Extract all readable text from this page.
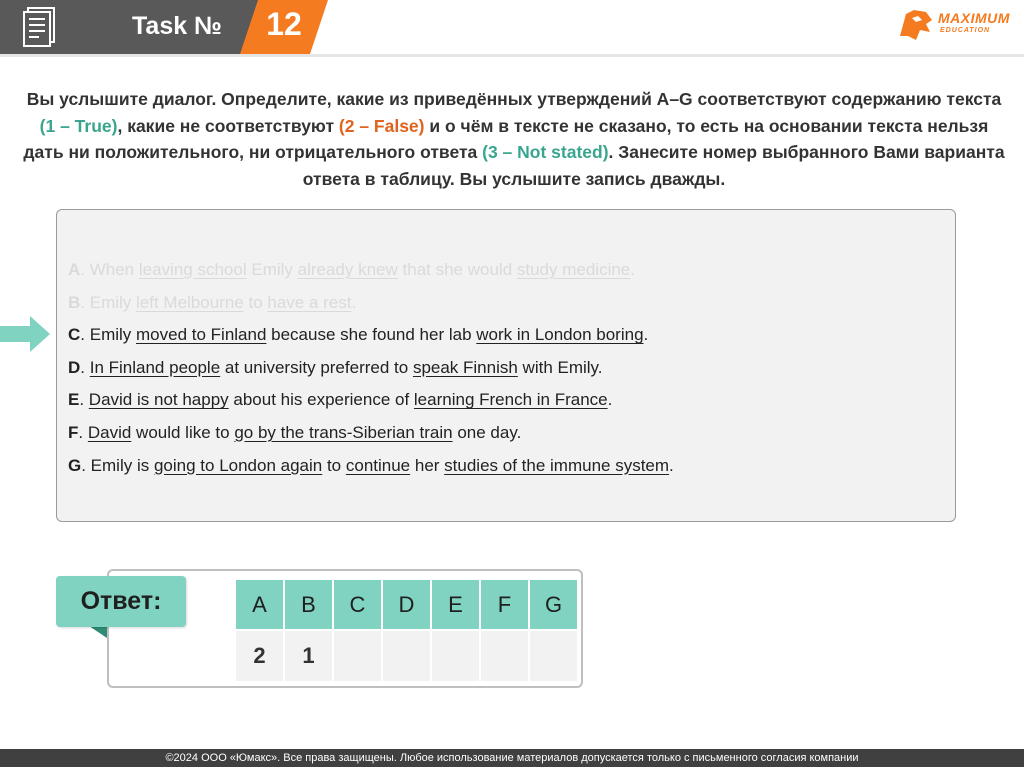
Task №	12	MAXIMUM
EDUCATION
Вы услышите диалог. Определите, какие из приведённых утверждений А–G соответствуют содержанию текста (1 – True), какие не соответствуют (2 – False) и о чём в тексте не сказано, то есть на основании текста нельзя дать ни положительного, ни отрицательного ответа (3 – Not stated). Занесите номер выбранного Вами варианта ответа в таблицу. Вы услышите запись дважды.
A. When leaving school Emily already knew that she would study medicine.
B. Emily left Melbourne to have a rest.
C. Emily moved to Finland because she found her lab work in London boring.
D. In Finland people at university preferred to speak Finnish with Emily.
E. David is not happy about his experience of learning French in France.
F. David would like to go by the trans-Siberian train one day.
G. Emily is going to London again to continue her studies of the immune system.
Ответ:	A	B	C	D	E	F	G
2	1					
©2024 ООО «Юмакс». Все права защищены. Любое использование материалов допускается только с письменного согласия компании
